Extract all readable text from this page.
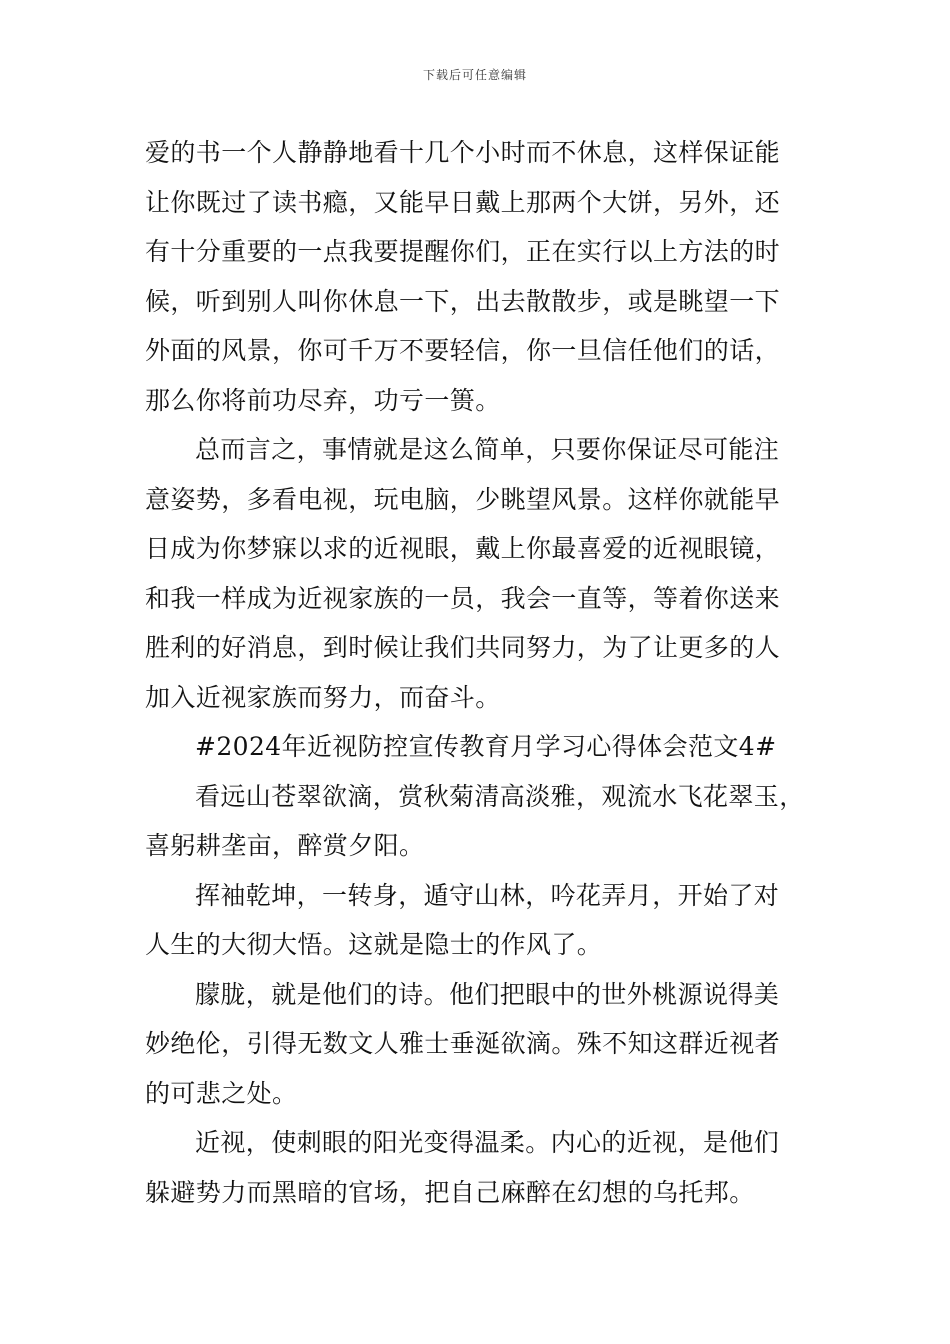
下载后可任意编辑
爱的书一个人静静地看十几个小时而不休息，这样保证能
让你既过了读书瘾，又能早日戴上那两个大饼，另外，还
有十分重要的一点我要提醒你们，正在实行以上方法的时
候，听到别人叫你休息一下，出去散散步，或是眺望一下
外面的风景，你可千万不要轻信，你一旦信任他们的话，
那么你将前功尽弃，功亏一篑。
总而言之，事情就是这么简单，只要你保证尽可能注
意姿势，多看电视，玩电脑，少眺望风景。这样你就能早
日成为你梦寐以求的近视眼，戴上你最喜爱的近视眼镜，
和我一样成为近视家族的一员，我会一直等，等着你送来
胜利的好消息，到时候让我们共同努力，为了让更多的人
加入近视家族而努力，而奋斗。
#2024年近视防控宣传教育月学习心得体会范文4#
看远山苍翠欲滴，赏秋菊清高淡雅，观流水飞花翠玉，
喜躬耕垄亩，醉赏夕阳。
挥袖乾坤，一转身，遁守山林，吟花弄月，开始了对
人生的大彻大悟。这就是隐士的作风了。
朦胧，就是他们的诗。他们把眼中的世外桃源说得美
妙绝伦，引得无数文人雅士垂涎欲滴。殊不知这群近视者
的可悲之处。
近视，使刺眼的阳光变得温柔。内心的近视，是他们
躲避势力而黑暗的官场，把自己麻醉在幻想的乌托邦。
